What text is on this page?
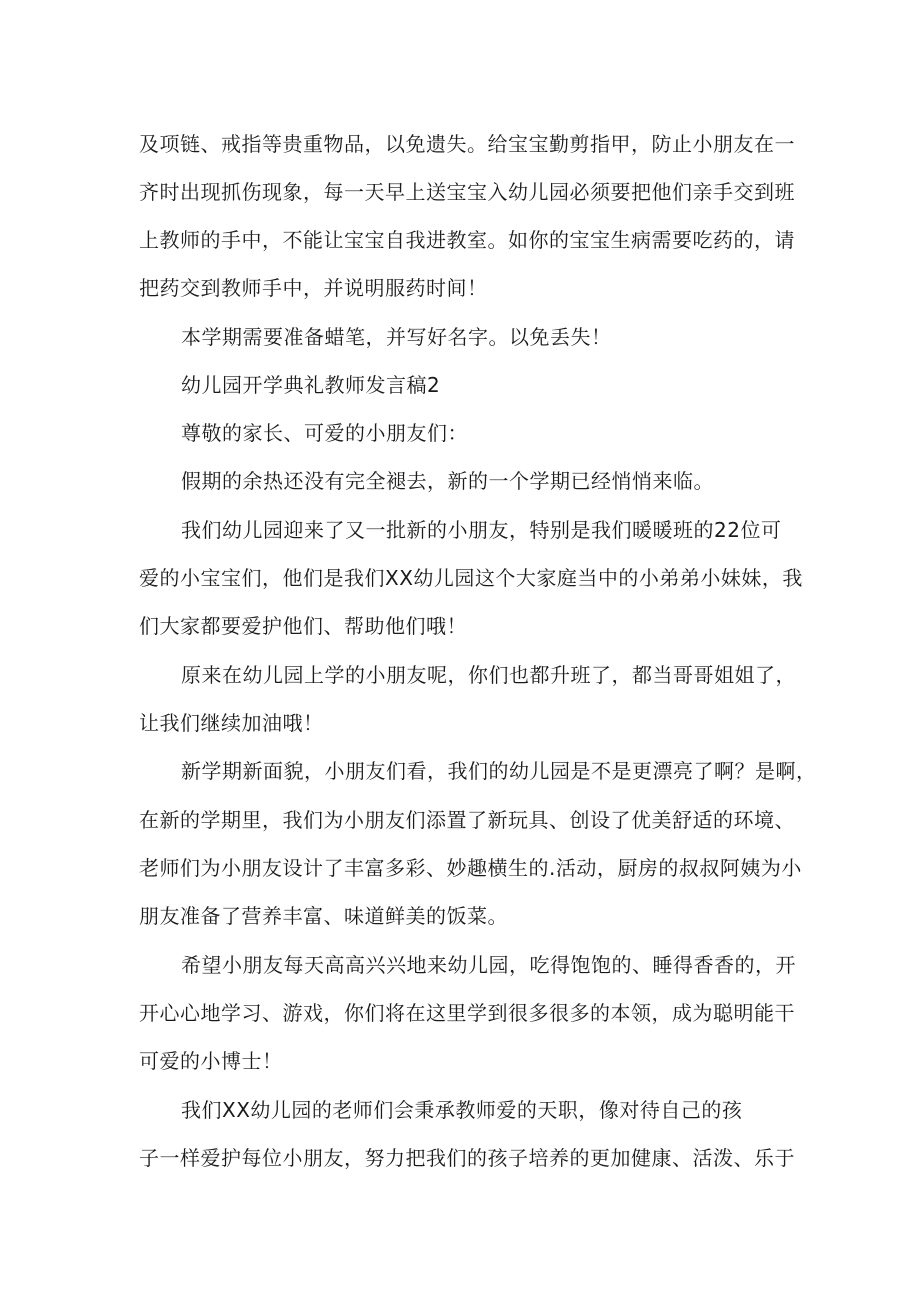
及项链、戒指等贵重物品，以免遗失。给宝宝勤剪指甲，防止小朋友在一
齐时出现抓伤现象，每一天早上送宝宝入幼儿园必须要把他们亲手交到班
上教师的手中，不能让宝宝自我进教室。如你的宝宝生病需要吃药的，请
把药交到教师手中，并说明服药时间！
本学期需要准备蜡笔，并写好名字。以免丢失！
幼儿园开学典礼教师发言稿2
尊敬的家长、可爱的小朋友们：
假期的余热还没有完全褪去，新的一个学期已经悄悄来临。
我们幼儿园迎来了又一批新的小朋友，特别是我们暖暖班的22位可
爱的小宝宝们，他们是我们XX幼儿园这个大家庭当中的小弟弟小妹妹，我
们大家都要爱护他们、帮助他们哦！
原来在幼儿园上学的小朋友呢，你们也都升班了，都当哥哥姐姐了，
让我们继续加油哦！
新学期新面貌，小朋友们看，我们的幼儿园是不是更漂亮了啊？是啊，
在新的学期里，我们为小朋友们添置了新玩具、创设了优美舒适的环境、
老师们为小朋友设计了丰富多彩、妙趣横生的.活动，厨房的叔叔阿姨为小
朋友准备了营养丰富、味道鲜美的饭菜。
希望小朋友每天高高兴兴地来幼儿园，吃得饱饱的、睡得香香的，开
开心心地学习、游戏，你们将在这里学到很多很多的本领，成为聪明能干
可爱的小博士！
我们XX幼儿园的老师们会秉承教师爱的天职，像对待自己的孩
子一样爱护每位小朋友，努力把我们的孩子培养的更加健康、活泼、乐于
